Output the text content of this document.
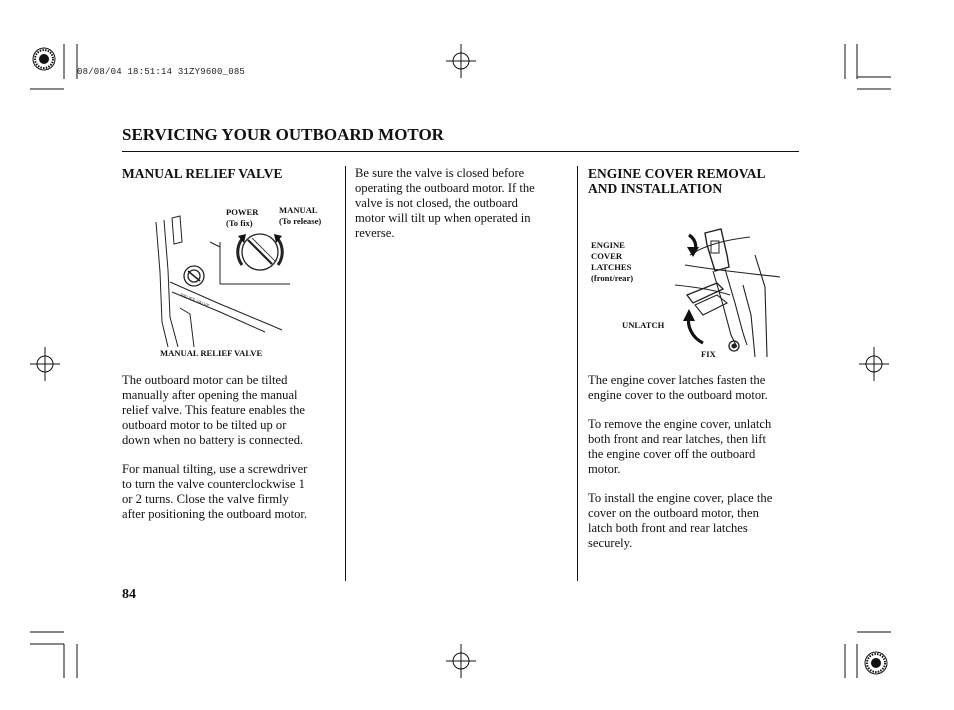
08/08/04 18:51:14 31ZY9600_085
SERVICING YOUR OUTBOARD MOTOR
MANUAL RELIEF VALVE
RELIEF VALVE
POWER
(To fix)
MANUAL
(To release)
MANUAL RELIEF VALVE
The outboard motor can be tilted
manually after opening the manual
relief valve. This feature enables the
outboard motor to be tilted up or
down when no battery is connected.
For manual tilting, use a screwdriver
to turn the valve counterclockwise 1
or 2 turns. Close the valve firmly
after positioning the outboard motor.
Be sure the valve is closed before
operating the outboard motor. If the
valve is not closed, the outboard
motor will tilt up when operated in
reverse.
ENGINE COVER REMOVAL
AND INSTALLATION
ENGINE
COVER
LATCHES
(front/rear)
UNLATCH
FIX
The engine cover latches fasten the
engine cover to the outboard motor.
To remove the engine cover, unlatch
both front and rear latches, then lift
the engine cover off the outboard
motor.
To install the engine cover, place the
cover on the outboard motor, then
latch both front and rear latches
securely.
84
